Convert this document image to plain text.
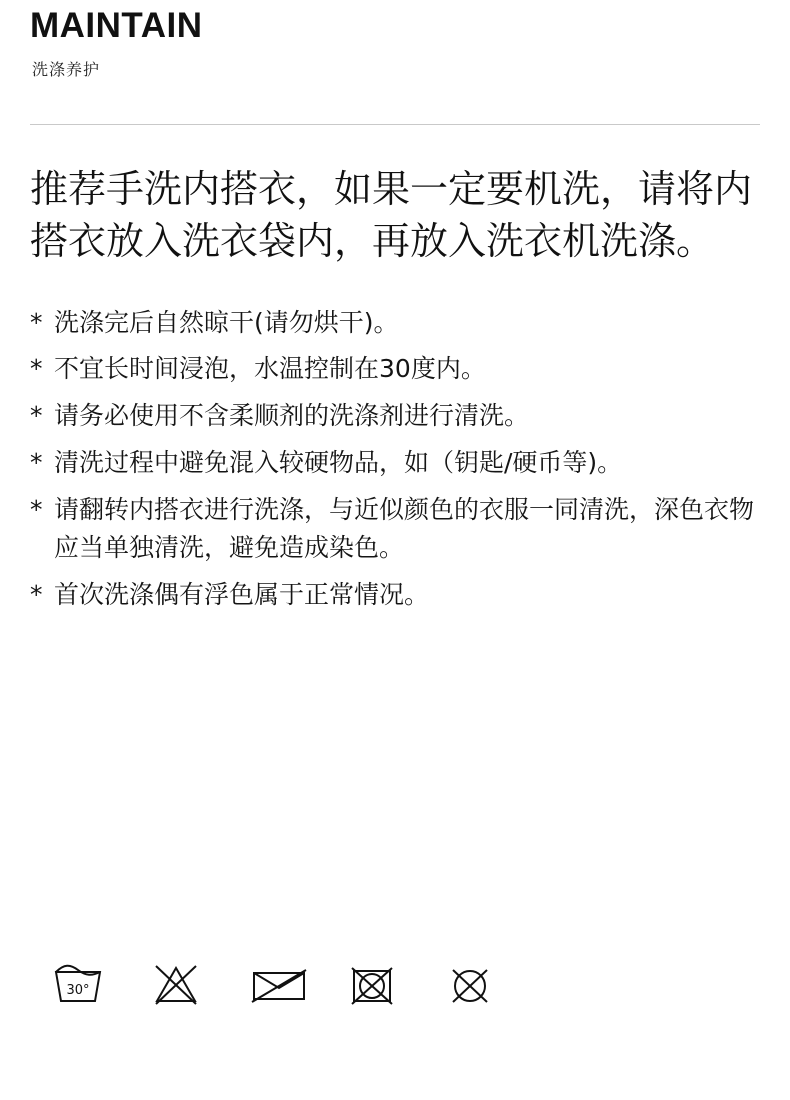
MAINTAIN
洗涤养护
推荐手洗内搭衣，如果一定要机洗，请将内搭衣放入洗衣袋内，再放入洗衣机洗涤。
* 洗涤完后自然晾干(请勿烘干)。
* 不宜长时间浸泡，水温控制在30度内。
* 请务必使用不含柔顺剂的洗涤剂进行清洗。
* 清洗过程中避免混入较硬物品，如（钥匙/硬币等)。
* 请翻转内搭衣进行洗涤，与近似颜色的衣服一同清洗，深色衣物应当单独清洗，避免造成染色。
* 首次洗涤偶有浮色属于正常情况。
30°
